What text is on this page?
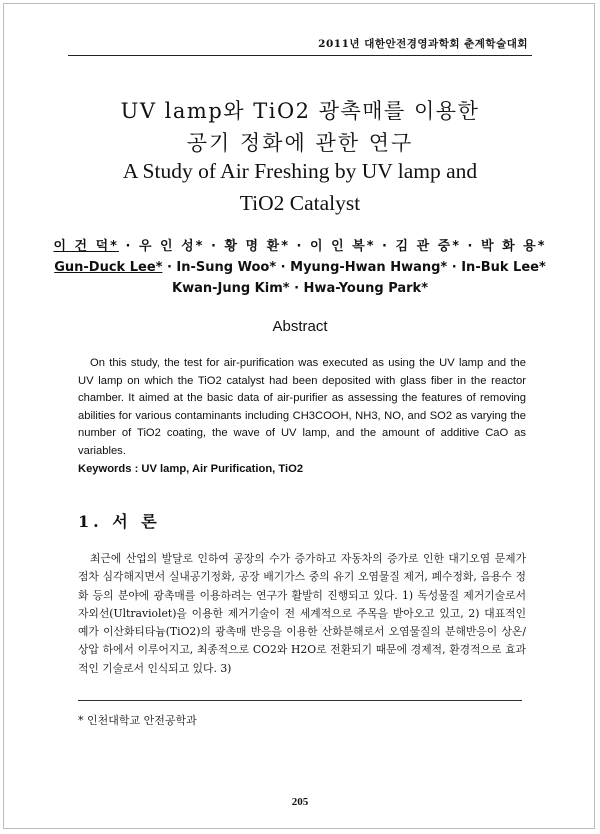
2011년 대한안전경영과학회 춘계학술대회
UV lamp와 TiO2 광촉매를 이용한
공기 정화에 관한 연구
A Study of Air Freshing by UV lamp and
TiO2 Catalyst
이 건 덕* · 우 인 성* · 황 명 환* · 이 인 복* · 김 관 중* · 박 화 용*
Gun-Duck Lee* · In-Sung Woo* · Myung-Hwan Hwang* · In-Buk Lee*
Kwan-Jung Kim* · Hwa-Young Park*
Abstract

On this study, the test for air-purification was executed as using the UV lamp and the UV lamp on which the TiO2 catalyst had been deposited with glass fiber in the reactor chamber. It aimed at the basic data of air-purifier as assessing the features of removing abilities for various contaminants including CH3COOH, NH3, NO, and SO2 as varying the number of TiO2 coating, the wave of UV lamp, and the amount of additive CaO as variables.

Keywords : UV lamp, Air Purification, TiO2
1. 서 론

최근에 산업의 발달로 인하여 공장의 수가 증가하고 자동차의 증가로 인한 대기오염 문제가 점차 심각해지면서 실내공기정화, 공장 배기가스 중의 유기 오염물질 제거, 폐수정화, 음용수 정화 등의 분야에 광촉매를 이용하려는 연구가 활발히 진행되고 있다. 1) 독성물질 제거기술로서 자외선(Ultraviolet)을 이용한 제거기술이 전 세계적으로 주목을 받아오고 있고, 2) 대표적인 예가 이산화티타늄(TiO2)의 광촉매 반응을 이용한 산화분해로서 오염물질의 분해반응이 상온/상압 하에서 이루어지고, 최종적으로 CO2와 H2O로 전환되기 때문에 경제적, 환경적으로 효과적인 기술로서 인식되고 있다. 3)

* 인천대학교 안전공학과
205
